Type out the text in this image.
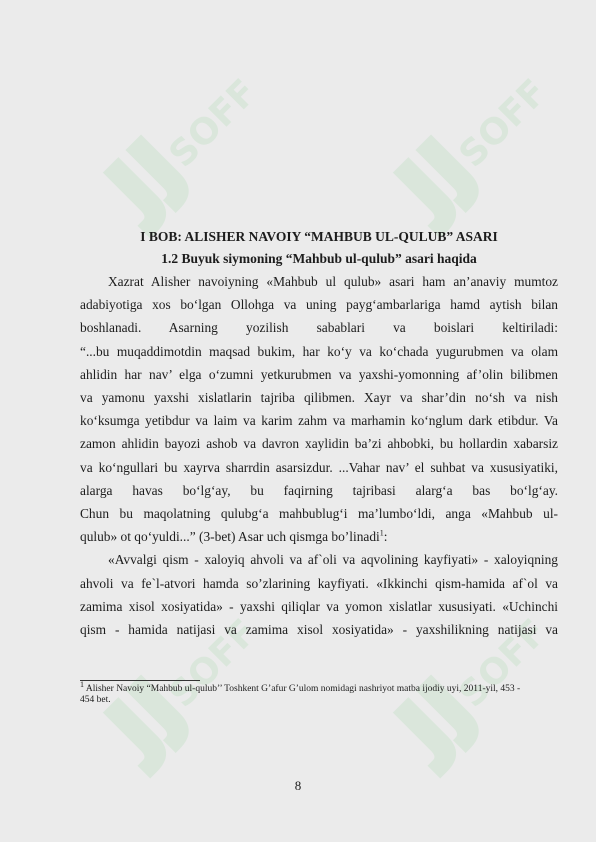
SOFF	SOFF
SOFF	SOFF

I BOB: ALISHER NAVOIY “MAHBUB UL-QULUB” ASARI

1.2 Buyuk siymoning “Mahbub ul-qulub” asari haqida

Xazrat Alisher navoiyning «Mahbub ul qulub» asari ham an’anaviy mumtoz

adabiyotiga xos bo‘lgan Ollohga va uning payg‘ambarlariga hamd aytish bilan

boshlanadi. Asarning yozilish sabablari va boislari keltiriladi:

“...bu muqaddimotdin maqsad bukim, har ko‘y va ko‘chada yugurubmen va olam

ahlidin har nav’ elga o‘zumni yetkurubmen va yaxshi-yomonning af’olin bilibmen

va yamonu yaxshi xislatlarin tajriba qilibmen. Xayr va shar’din no‘sh va nish

ko‘ksumga yetibdur va laim va karim zahm va marhamin ko‘nglum dark etibdur. Va

zamon ahlidin bayozi ashob va davron xaylidin ba’zi ahbobki, bu hollardin xabarsiz

va ko‘ngullari bu xayrva sharrdin asarsizdur. ...Vahar nav’ el suhbat va xususiyatiki,

alarga havas bo‘lg‘ay, bu faqirning tajribasi alarg‘a bas bo‘lg‘ay.

Chun bu maqolatning qulubg‘a mahbublug‘i ma’lumbo‘ldi, anga «Mahbub ul-

qulub» ot qo‘yuldi...” (3-bet) Asar uch qismga bo’linadi$^1$:

«Avvalgi qism - xaloyiq ahvoli va af`oli va aqvolining kayfiyati» - xaloyiqning

ahvoli va fe`l-atvori hamda so’zlarining kayfiyati. «Ikkinchi qism-hamida af`ol va

zamima xisol xosiyatida» - yaxshi qiliqlar va yomon xislatlar xususiyati. «Uchinchi

qism - hamida natijasi va zamima xisol xosiyatida» - yaxshilikning natijasi va

$^1$ Alisher Navoiy “Mahbub ul-qulub’’ Toshkent G’afur G’ulom nomidagi nashriyot matba ijodiy uyi, 2011-yil, 453 -
454 bet.
8
